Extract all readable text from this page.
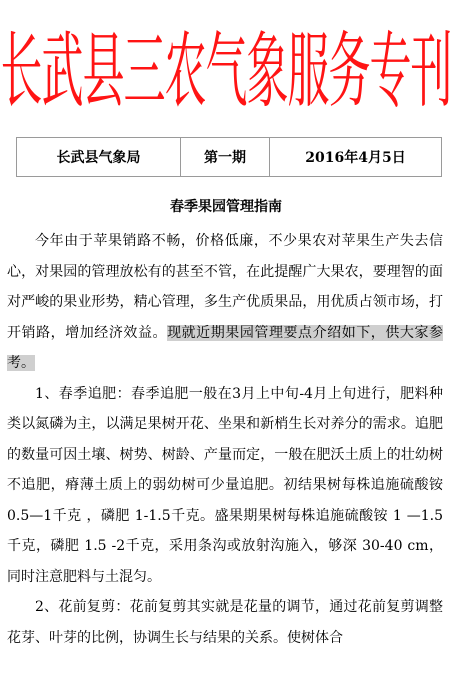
长武县三农气象服务专刊
长武县气象局	第一期	2016年4月5日
春季果园管理指南

今年由于苹果销路不畅，价格低廉，不少果农对苹果生产失去信心，对果园的管理放松有的甚至不管，在此提醒广大果农，要理智的面对严峻的果业形势，精心管理，多生产优质果品，用优质占领市场，打开销路，增加经济效益。现就近期果园管理要点介绍如下，供大家参考。

1、春季追肥：春季追肥一般在3月上中旬-4月上旬进行，肥料种类以氮磷为主，以满足果树开花、坐果和新梢生长对养分的需求。追肥的数量可因土壤、树势、树龄、产量而定，一般在肥沃土质上的壮幼树不追肥，瘠薄土质上的弱幼树可少量追肥。初结果树每株追施硫酸铵 0.5—1千克 ，磷肥 1-1.5千克。盛果期果树每株追施硫酸铵 1 —1.5千克，磷肥 1.5 -2千克，采用条沟或放射沟施入，够深 30-40 cm，同时注意肥料与土混匀。

2、花前复剪：花前复剪其实就是花量的调节，通过花前复剪调整花芽、叶芽的比例，协调生长与结果的关系。使树体合
